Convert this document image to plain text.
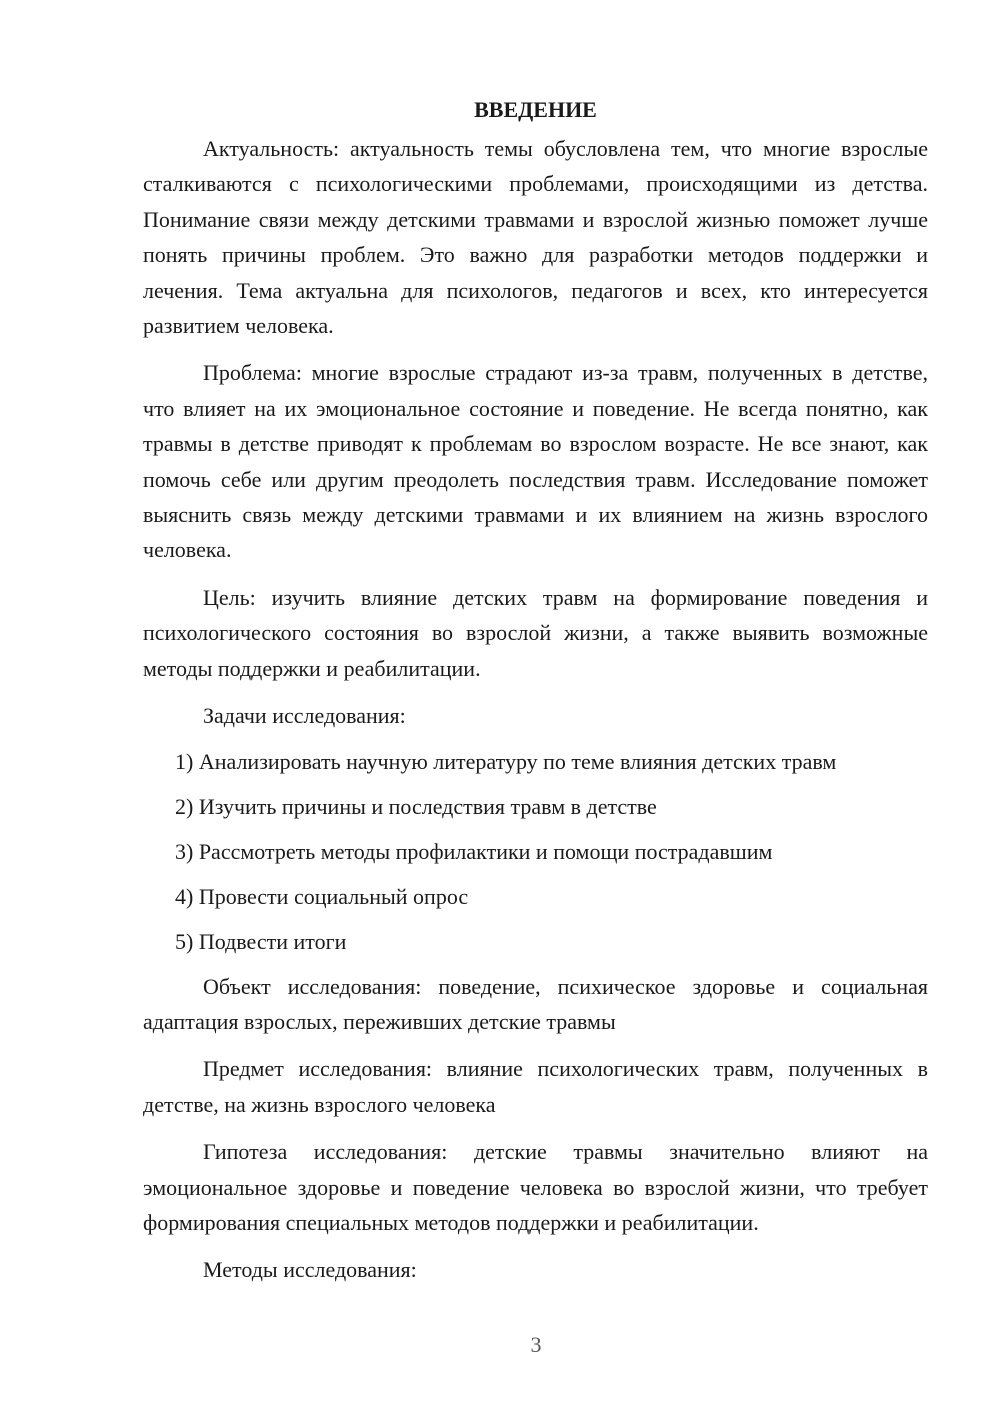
ВВЕДЕНИЕ

Актуальность: актуальность темы обусловлена тем, что многие взрослые сталкиваются с психологическими проблемами, происходящими из детства. Понимание связи между детскими травмами и взрослой жизнью поможет лучше понять причины проблем. Это важно для разработки методов поддержки и лечения. Тема актуальна для психологов, педагогов и всех, кто интересуется развитием человека.

Проблема: многие взрослые страдают из-за травм, полученных в детстве, что влияет на их эмоциональное состояние и поведение. Не всегда понятно, как травмы в детстве приводят к проблемам во взрослом возрасте. Не все знают, как помочь себе или другим преодолеть последствия травм. Исследование поможет выяснить связь между детскими травмами и их влиянием на жизнь взрослого человека.

Цель: изучить влияние детских травм на формирование поведения и психологического состояния во взрослой жизни, а также выявить возможные методы поддержки и реабилитации.

Задачи исследования:

1) Анализировать научную литературу по теме влияния детских травм
2) Изучить причины и последствия травм в детстве
3) Рассмотреть методы профилактики и помощи пострадавшим
4) Провести социальный опрос
5) Подвести итоги

Объект исследования: поведение, психическое здоровье и социальная адаптация взрослых, переживших детские травмы

Предмет исследования: влияние психологических травм, полученных в детстве, на жизнь взрослого человека

Гипотеза исследования: детские травмы значительно влияют на эмоциональное здоровье и поведение человека во взрослой жизни, что требует формирования специальных методов поддержки и реабилитации.

Методы исследования:

3
